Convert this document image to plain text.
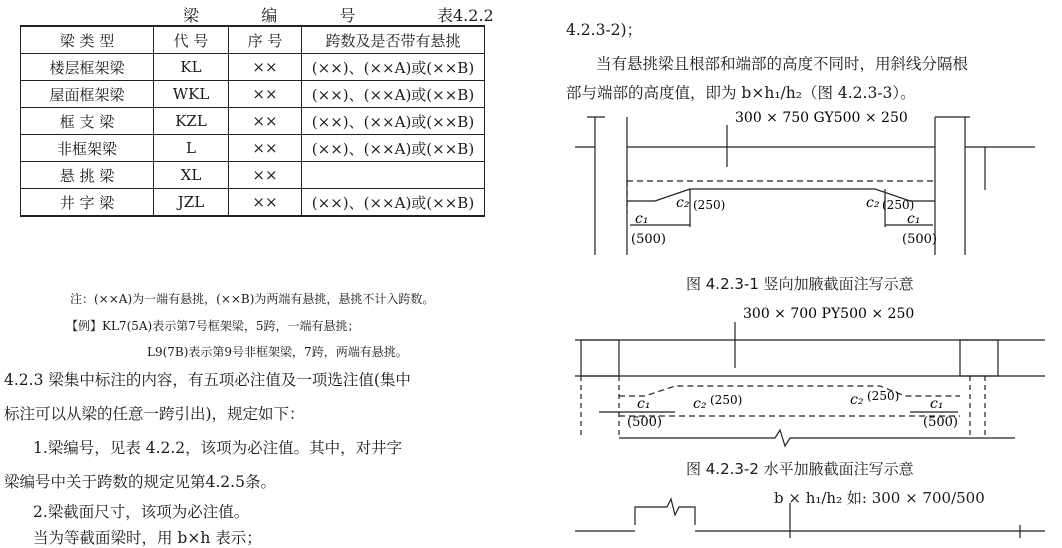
梁	编	号	表4.2.2
梁 类 型	代 号	序 号	跨数及是否带有悬挑
楼层框架梁	KL	××	(××)、(××A)或(××B)
屋面框架梁	WKL	××	(××)、(××A)或(××B)
框 支 梁	KZL	××	(××)、(××A)或(××B)
非框架梁	L	××	(××)、(××A)或(××B)
悬 挑 梁	XL	××	
井 字 梁	JZL	××	(××)、(××A)或(××B)
注：(××A)为一端有悬挑，(××B)为两端有悬挑，悬挑不计入跨数。
【例】KL7(5A)表示第7号框架梁，5跨，一端有悬挑；
L9(7B)表示第9号非框架梁，7跨，两端有悬挑。
4.2.3 梁集中标注的内容，有五项必注值及一项选注值(集中
标注可以从梁的任意一跨引出)，规定如下：
1.梁编号，见表 4.2.2，该项为必注值。其中，对井字
梁编号中关于跨数的规定见第4.2.5条。
2.梁截面尺寸，该项为必注值。
当为等截面梁时，用 b×h 表示；
4.2.3-2)；
当有悬挑梁且根部和端部的高度不同时，用斜线分隔根
部与端部的高度值，即为 b×h₁/h₂（图 4.2.3-3）。
300 × 750 GY500 × 250
c₂ (250)	c₂ (250)
c₁
(500)
c₁
(500)
图 4.2.3-1 竖向加腋截面注写示意
300 × 700 PY500 × 250
c₂ (250)	c₂ (250)
c₁
(500)
c₁
(500)
图 4.2.3-2 水平加腋截面注写示意
b × h₁/h₂ 如: 300 × 700/500
